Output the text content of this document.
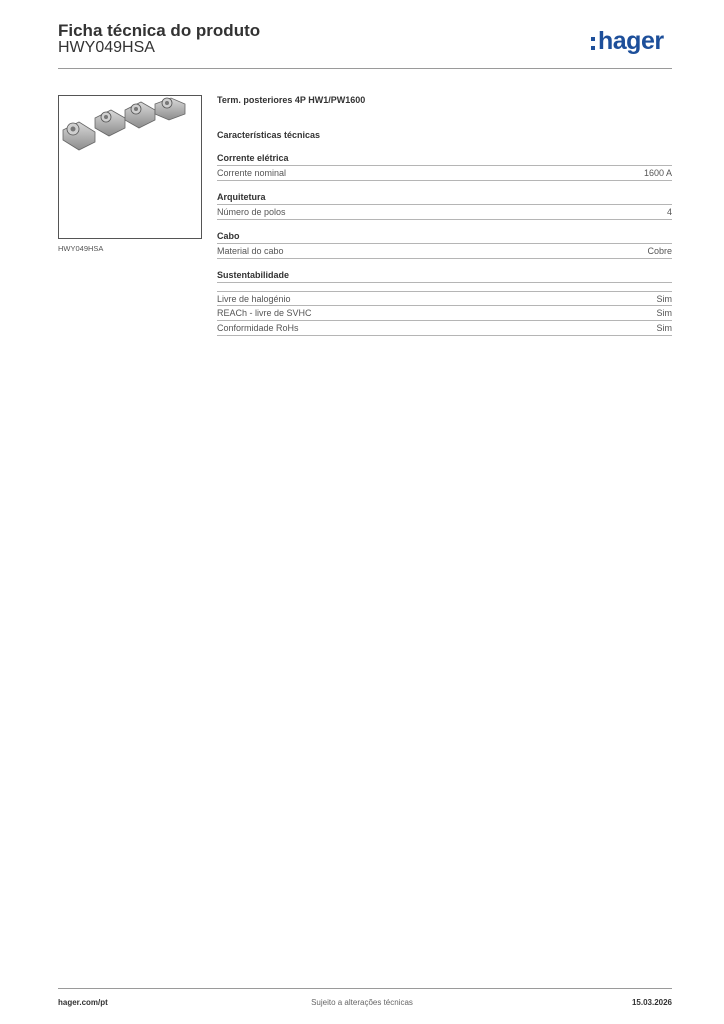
Ficha técnica do produto
HWY049HSA	hager
HWY049HSA
Term. posteriores 4P HW1/PW1600
Características técnicas
Corrente elétrica
Corrente nominal	1600 A
Arquitetura
Número de polos	4
Cabo
Material do cabo	Cobre
Sustentabilidade
Livre de halogénio	Sim
REACh - livre de SVHC	Sim
Conformidade RoHs	Sim
hager.com/pt	Sujeito a alterações técnicas	15.03.2026
